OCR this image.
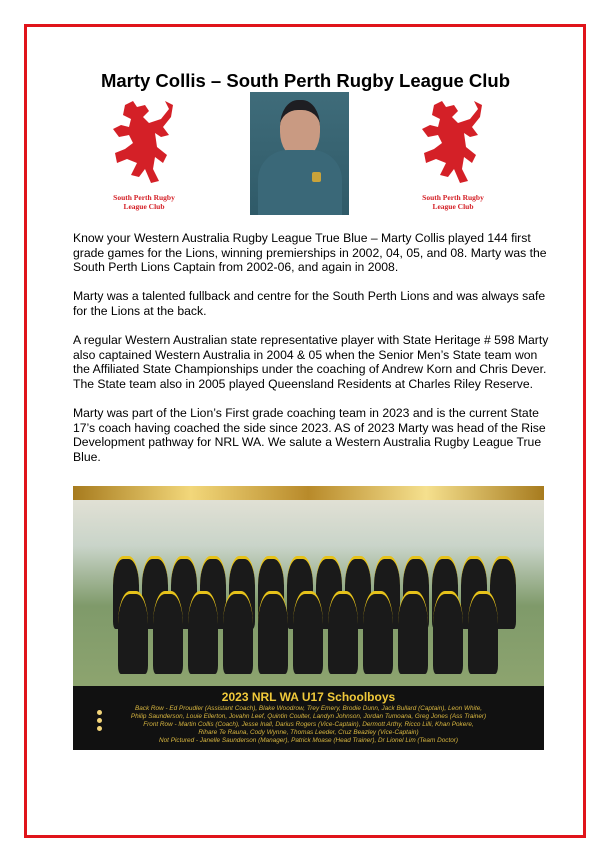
Marty Collis – South Perth Rugby League Club
South Perth Rugby
League Club
South Perth Rugby
League Club

Know your Western Australia Rugby League True Blue – Marty Collis played 144 first grade games for the Lions, winning premierships in 2002, 04, 05, and 08. Marty was the South Perth Lions Captain from 2002-06, and again in 2008.

Marty was a talented fullback and centre for the South Perth Lions and was always safe for the Lions at the back.

A regular Western Australian state representative player with State Heritage # 598 Marty also captained Western Australia in 2004 & 05 when the Senior Men’s State team won the Affiliated State Championships under the coaching of Andrew Korn and Chris Dever. The State team also in 2005 played Queensland Residents at Charles Riley Reserve.

Marty was part of the Lion’s First grade coaching team in 2023 and is the current State 17’s coach having coached the side since 2023. AS of 2023 Marty was head of the Rise Development pathway for NRL WA. We salute a Western Australia Rugby League True Blue.

2023 NRL WA U17 Schoolboys
Back Row - Ed Proudler (Assistant Coach), Blake Woodrow, Trey Emery, Brodie Dunn, Jack Bullard (Captain), Leon White,
Philip Saunderson, Louie Ellerton, Jovahn Leef, Quintin Coulter, Landyn Johnson, Jordan Tumoana, Greg Jones (Ass Trainer)
Front Row - Martin Collis (Coach), Jesse Inall, Darius Rogers (Vice-Captain), Dermott Arthy, Ricco Lilli, Khan Pokere,
Rihare Te Rauna, Cody Wynne, Thomas Leeder, Cruz Beazley (Vice-Captain)
Not Pictured - Janelle Saunderson (Manager), Patrick Moase (Head Trainer), Dr Lionel Lim (Team Doctor)
